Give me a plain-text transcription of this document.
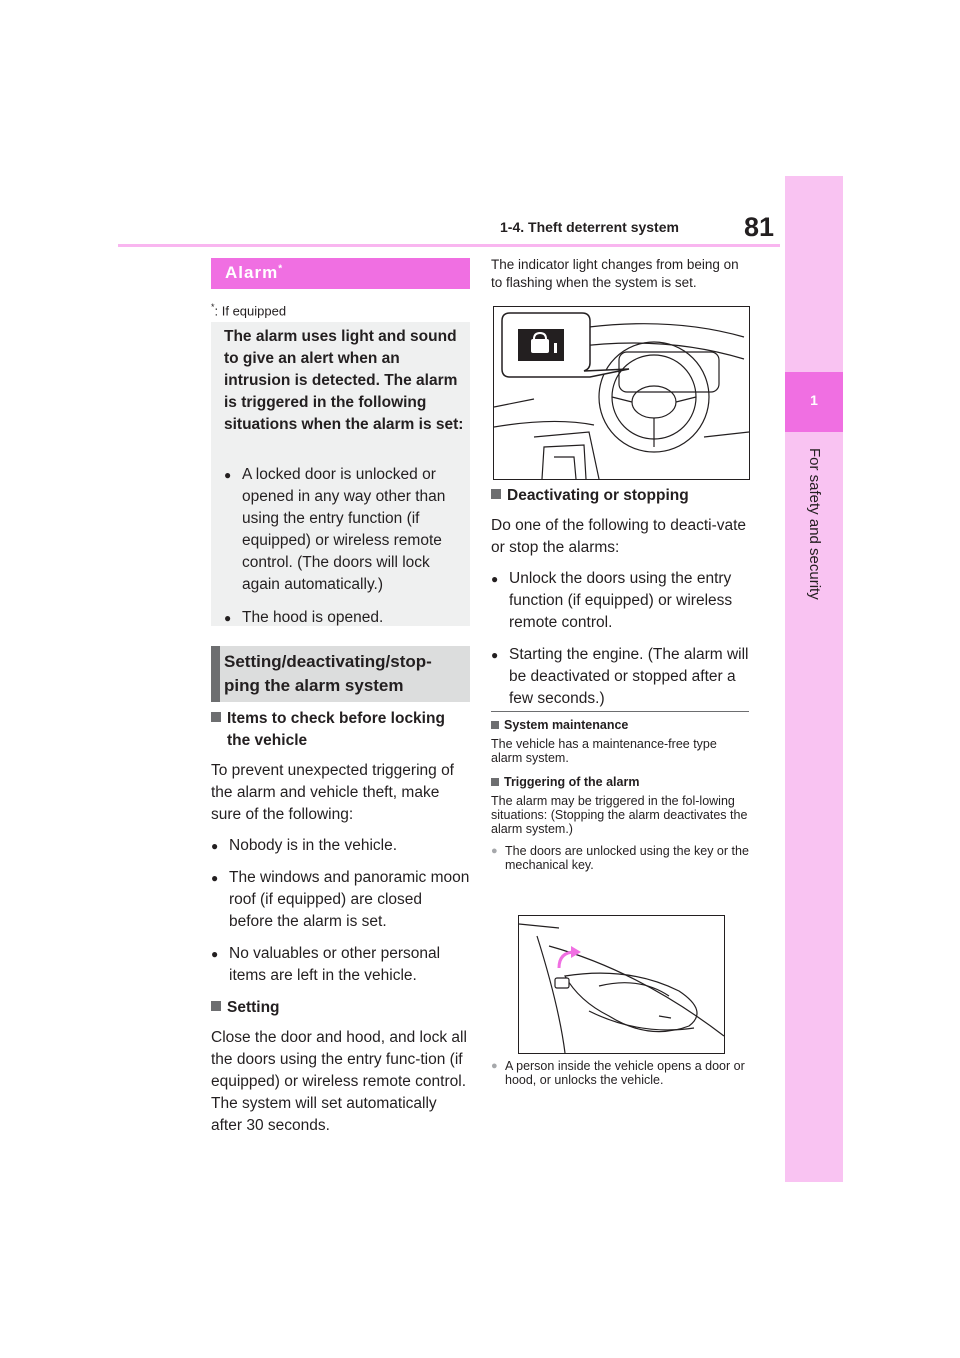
1-4. Theft deterrent system 81
1
For safety and security
Alarm*
*: If equipped
The alarm uses light and sound to give an alert when an intrusion is detected. The alarm is triggered in the following situations when the alarm is set:
● A locked door is unlocked or opened in any way other than using the entry function (if equipped) or wireless remote control. (The doors will lock again automatically.)
● The hood is opened.
Setting/deactivating/stop-ping the alarm system
Items to check before locking the vehicle
To prevent unexpected triggering of the alarm and vehicle theft, make sure of the following:
● Nobody is in the vehicle.
● The windows and panoramic moon roof (if equipped) are closed before the alarm is set.
● No valuables or other personal items are left in the vehicle.
Setting
Close the door and hood, and lock all the doors using the entry func-tion (if equipped) or wireless remote control. The system will set automatically after 30 seconds.
The indicator light changes from being on to flashing when the system is set.
Deactivating or stopping
Do one of the following to deacti-vate or stop the alarms:
● Unlock the doors using the entry function (if equipped) or wireless remote control.
● Starting the engine. (The alarm will be deactivated or stopped after a few seconds.)
System maintenance
The vehicle has a maintenance-free type alarm system.
Triggering of the alarm
The alarm may be triggered in the fol-lowing situations: (Stopping the alarm deactivates the alarm system.)
● The doors are unlocked using the key or the mechanical key.
● A person inside the vehicle opens a door or hood, or unlocks the vehicle.
